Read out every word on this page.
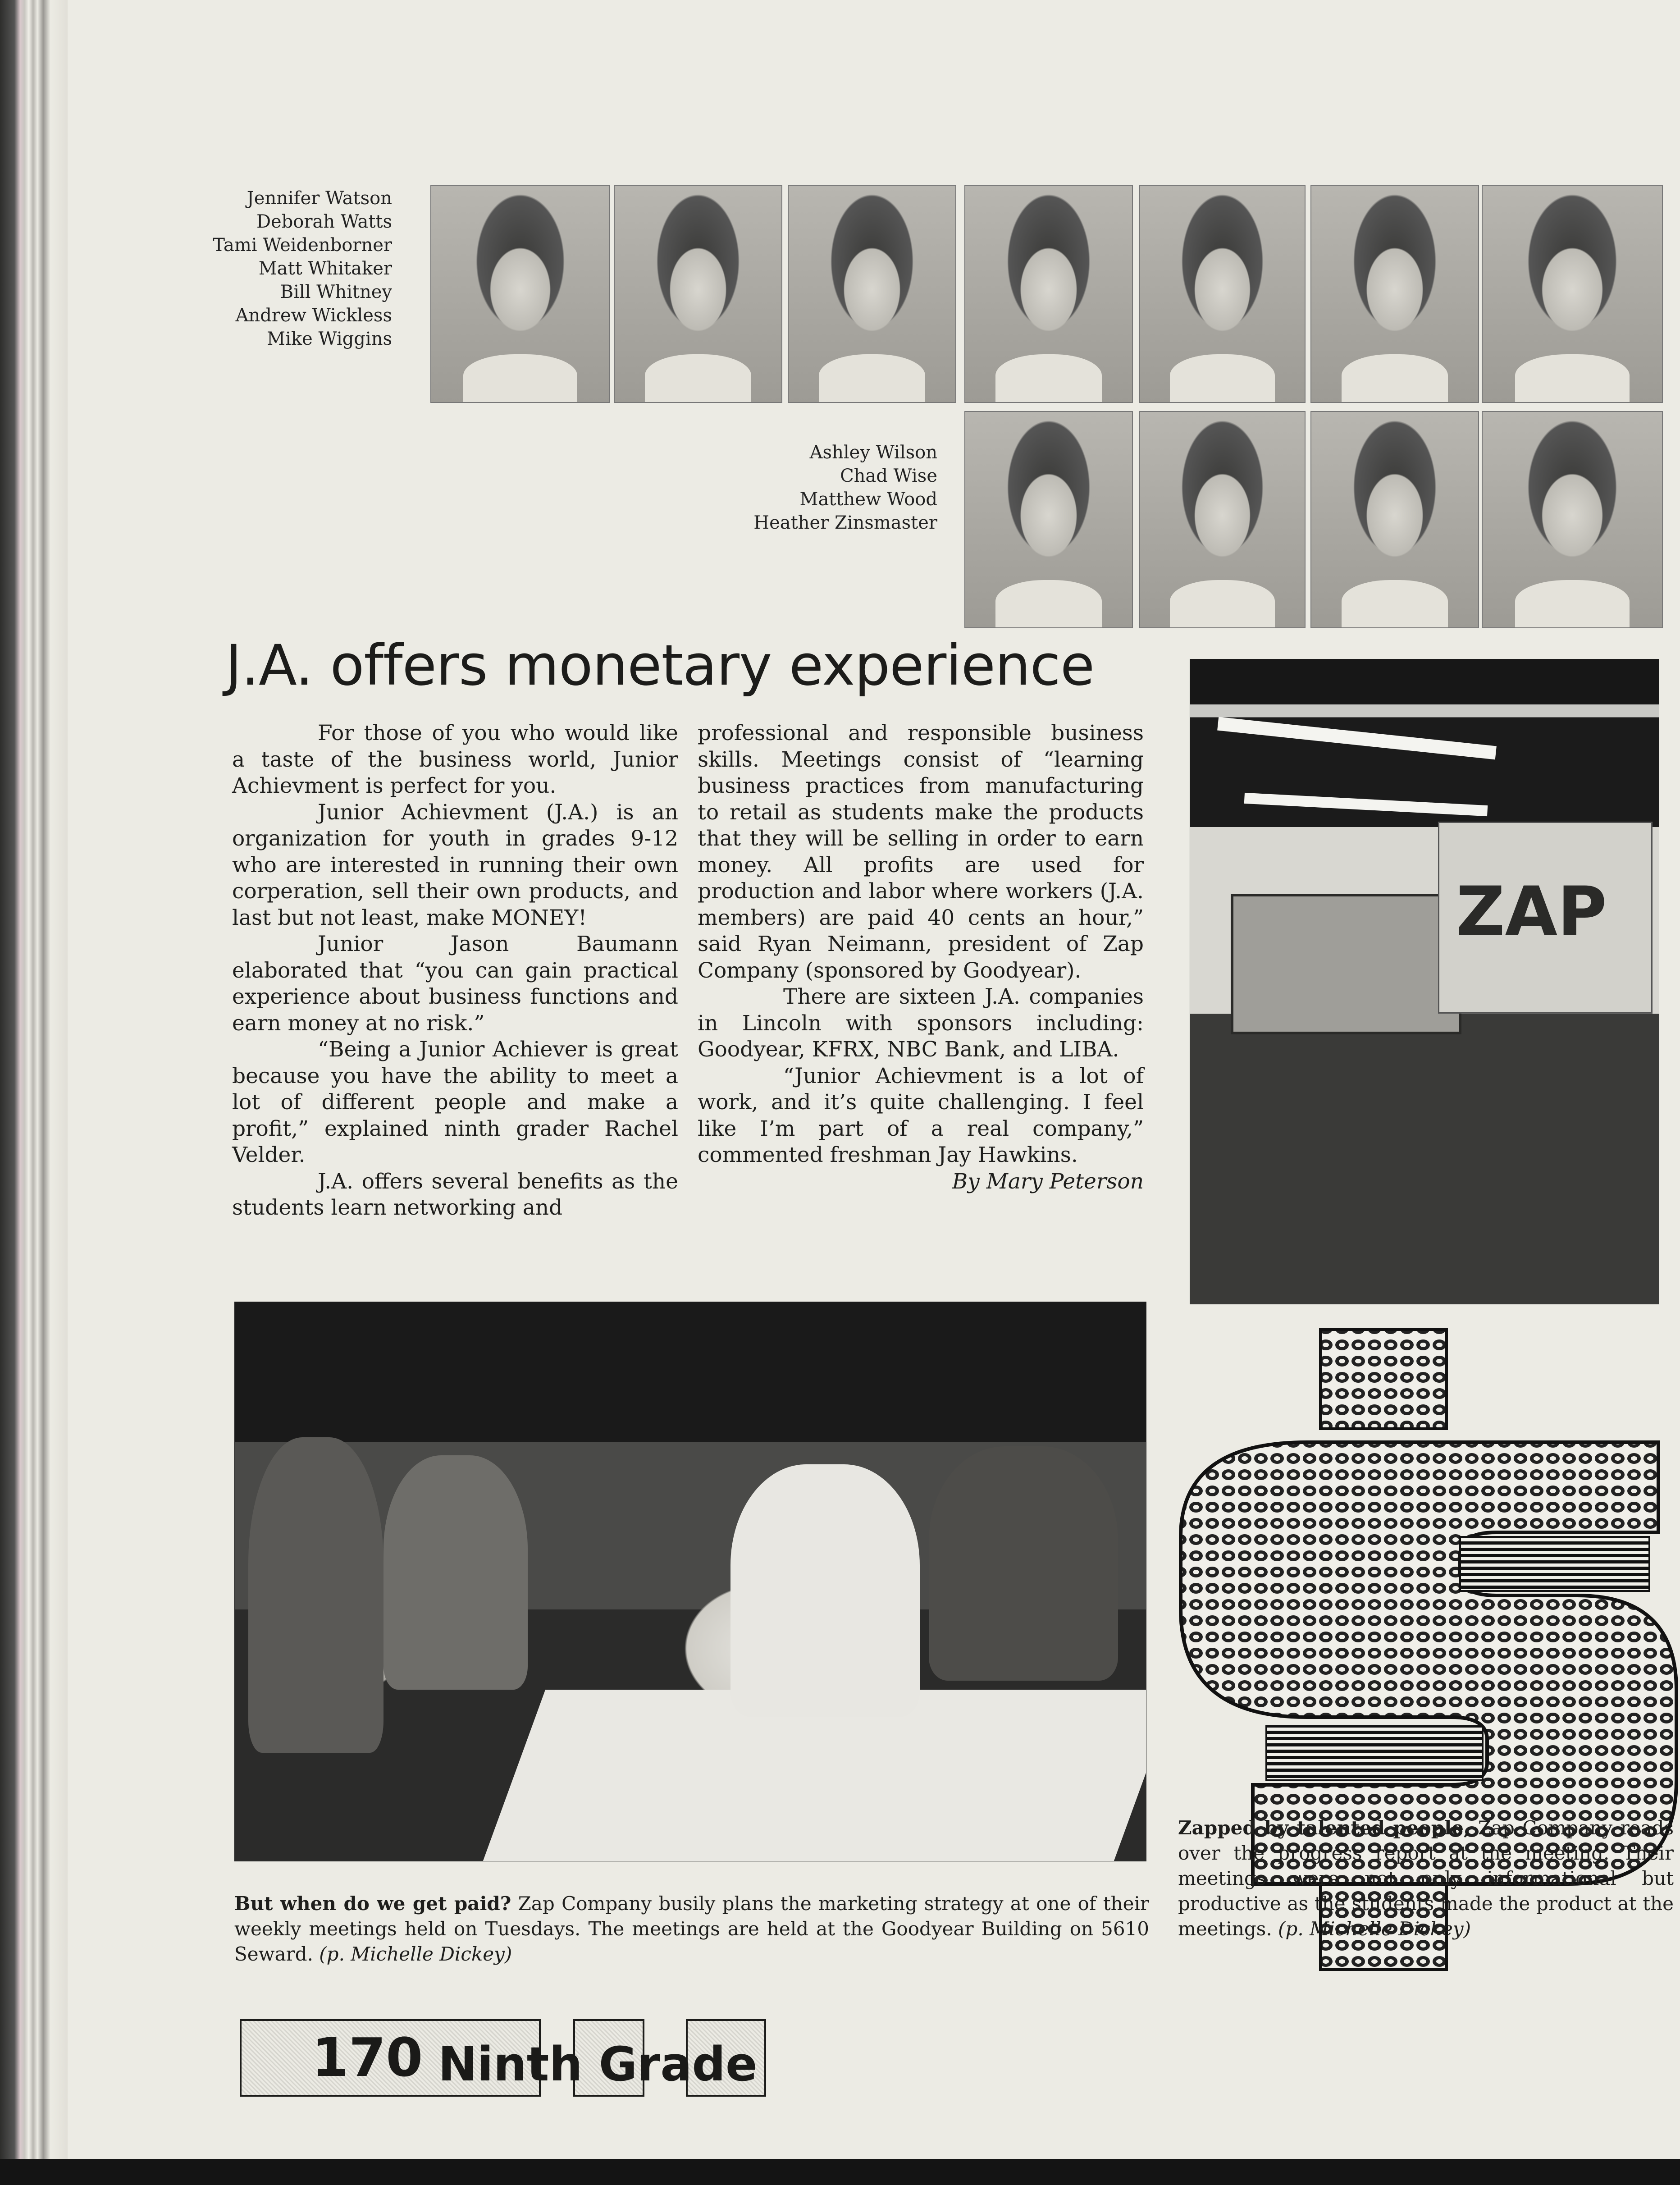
Jennifer Watson
Deborah Watts
Tami Weidenborner
Matt Whitaker
Bill Whitney
Andrew Wickless
Mike Wiggins
Ashley Wilson
Chad Wise
Matthew Wood
Heather Zinsmaster
J.A. offers monetary experience

For those of you who would like a taste of the business world, Junior Achievment is perfect for you.

Junior Achievment (J.A.) is an organization for youth in grades 9-12 who are interested in running their own corperation, sell their own products, and last but not least, make MONEY!

Junior Jason Baumann elaborated that “you can gain practical experience about business functions and earn money at no risk.”

“Being a Junior Achiever is great because you have the ability to meet a lot of different people and make a profit,” explained ninth grader Rachel Velder.

J.A. offers several benefits as the students learn networking and

professional and responsible business skills. Meetings consist of “learning business practices from manufacturing to retail as students make the products that they will be selling in order to earn money. All profits are used for production and labor where workers (J.A. members) are paid 40 cents an hour,” said Ryan Neimann, president of Zap Company (sponsored by Goodyear).

There are sixteen J.A. companies in Lincoln with sponsors including: Goodyear, KFRX, NBC Bank, and LIBA.

“Junior Achievment is a lot of work, and it’s quite challenging. I feel like I’m part of a real company,” commented freshman Jay Hawkins.

By Mary Peterson

ZAP
Zapped by talented people, Zap Company reads over the progress report at the meeting. Their meetings were not only informational but productive as the students made the product at the meetings. (p. Michelle Dickey)
But when do we get paid? Zap Company busily plans the marketing strategy at one of their weekly meetings held on Tuesdays. The meetings are held at the Goodyear Building on 5610 Seward. (p. Michelle Dickey)
170 Ninth Grade
